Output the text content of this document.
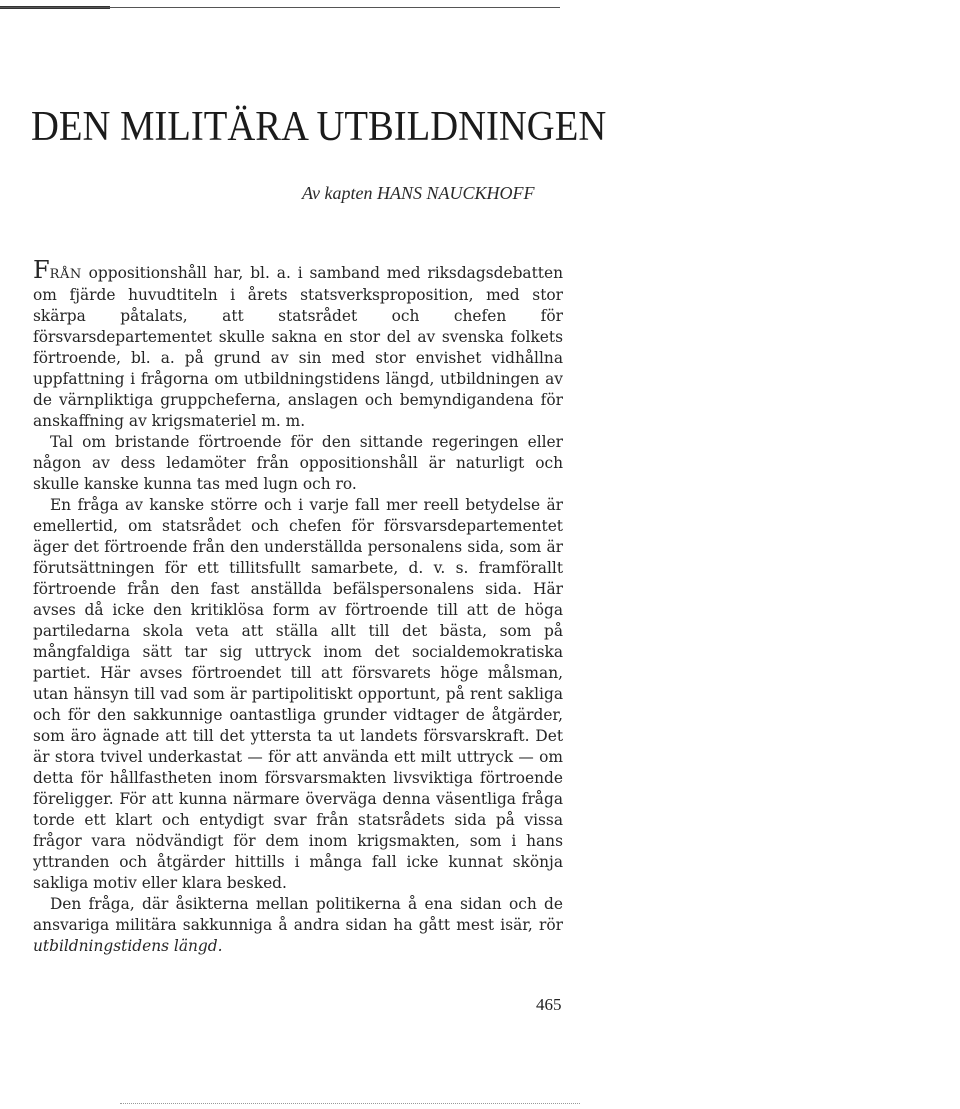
DEN MILITÄRA UTBILDNINGEN
Av kapten HANS NAUCKHOFF

FRÅN oppositionshåll har, bl. a. i samband med riksdagsdebatten om fjärde huvudtiteln i årets statsverksproposition, med stor skärpa påtalats, att statsrådet och chefen för försvarsdepartementet skulle sakna en stor del av svenska folkets förtroende, bl. a. på grund av sin med stor envishet vidhållna uppfattning i frågorna om utbildningstidens längd, utbildningen av de värnpliktiga gruppcheferna, anslagen och bemyndigandena för anskaffning av krigsmateriel m. m.

Tal om bristande förtroende för den sittande regeringen eller någon av dess ledamöter från oppositionshåll är naturligt och skulle kanske kunna tas med lugn och ro.

En fråga av kanske större och i varje fall mer reell betydelse är emellertid, om statsrådet och chefen för försvarsdepartementet äger det förtroende från den underställda personalens sida, som är förutsättningen för ett tillitsfullt samarbete, d. v. s. framförallt förtroende från den fast anställda befälspersonalens sida. Här avses då icke den kritiklösa form av förtroende till att de höga partiledarna skola veta att ställa allt till det bästa, som på mångfaldiga sätt tar sig uttryck inom det socialdemokratiska partiet. Här avses förtroendet till att försvarets höge målsman, utan hänsyn till vad som är partipolitiskt opportunt, på rent sakliga och för den sakkunnige oantastliga grunder vidtager de åtgärder, som äro ägnade att till det yttersta ta ut landets försvarskraft. Det är stora tvivel underkastat — för att använda ett milt uttryck — om detta för hållfastheten inom försvarsmakten livsviktiga förtroende föreligger. För att kunna närmare överväga denna väsentliga fråga torde ett klart och entydigt svar från statsrådets sida på vissa frågor vara nödvändigt för dem inom krigsmakten, som i hans yttranden och åtgärder hittills i många fall icke kunnat skönja sakliga motiv eller klara besked.

Den fråga, där åsikterna mellan politikerna å ena sidan och de ansvariga militära sakkunniga å andra sidan ha gått mest isär, rör utbildningstidens längd.

465
